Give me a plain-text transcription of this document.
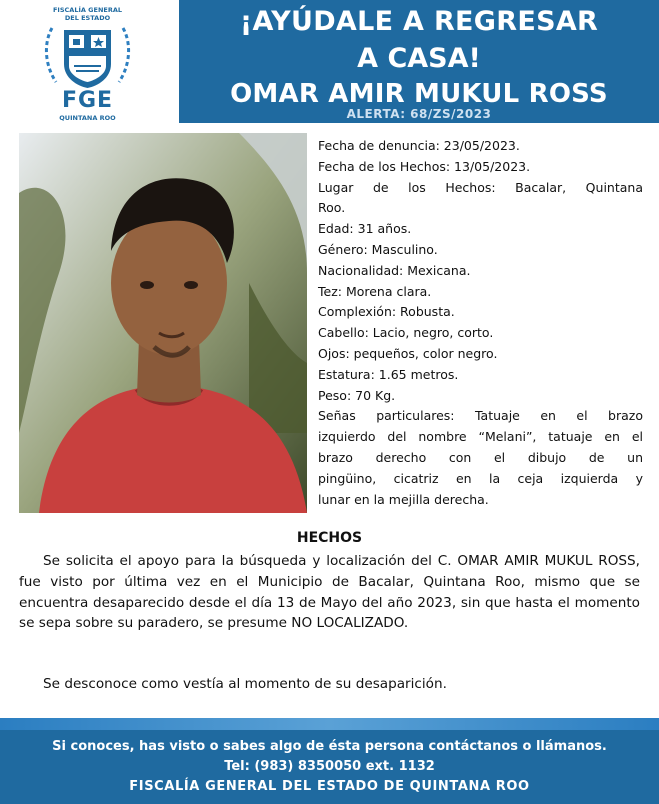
FISCALÍA GENERAL
DEL ESTADO
FGE
QUINTANA ROO
¡AYÚDALE A REGRESAR
A CASA!
OMAR AMIR MUKUL ROSS
ALERTA: 68/ZS/2023
Fecha de denuncia: 23/05/2023.
Fecha de los Hechos: 13/05/2023.
Lugar de los Hechos: Bacalar, Quintana
Roo.
Edad: 31 años.
Género: Masculino.
Nacionalidad: Mexicana.
Tez: Morena clara.
Complexión: Robusta.
Cabello: Lacio, negro, corto.
Ojos: pequeños, color negro.
Estatura: 1.65 metros.
Peso: 70 Kg.
Señas particulares: Tatuaje en el brazo
izquierdo del nombre “Melani”, tatuaje en el
brazo derecho con el dibujo de un
pingüino, cicatriz en la ceja izquierda y
lunar en la mejilla derecha.
HECHOS

Se solicita el apoyo para la búsqueda y localización del C. OMAR AMIR MUKUL ROSS, fue visto por última vez en el Municipio de Bacalar, Quintana Roo, mismo que se encuentra desaparecido desde el día 13 de Mayo del año 2023, sin que hasta el momento se sepa sobre su paradero, se presume NO LOCALIZADO.

Se desconoce como vestía al momento de su desaparición.
Si conoces, has visto o sabes algo de ésta persona contáctanos o llámanos.
Tel: (983) 8350050 ext. 1132
FISCALÍA GENERAL DEL ESTADO DE QUINTANA ROO
